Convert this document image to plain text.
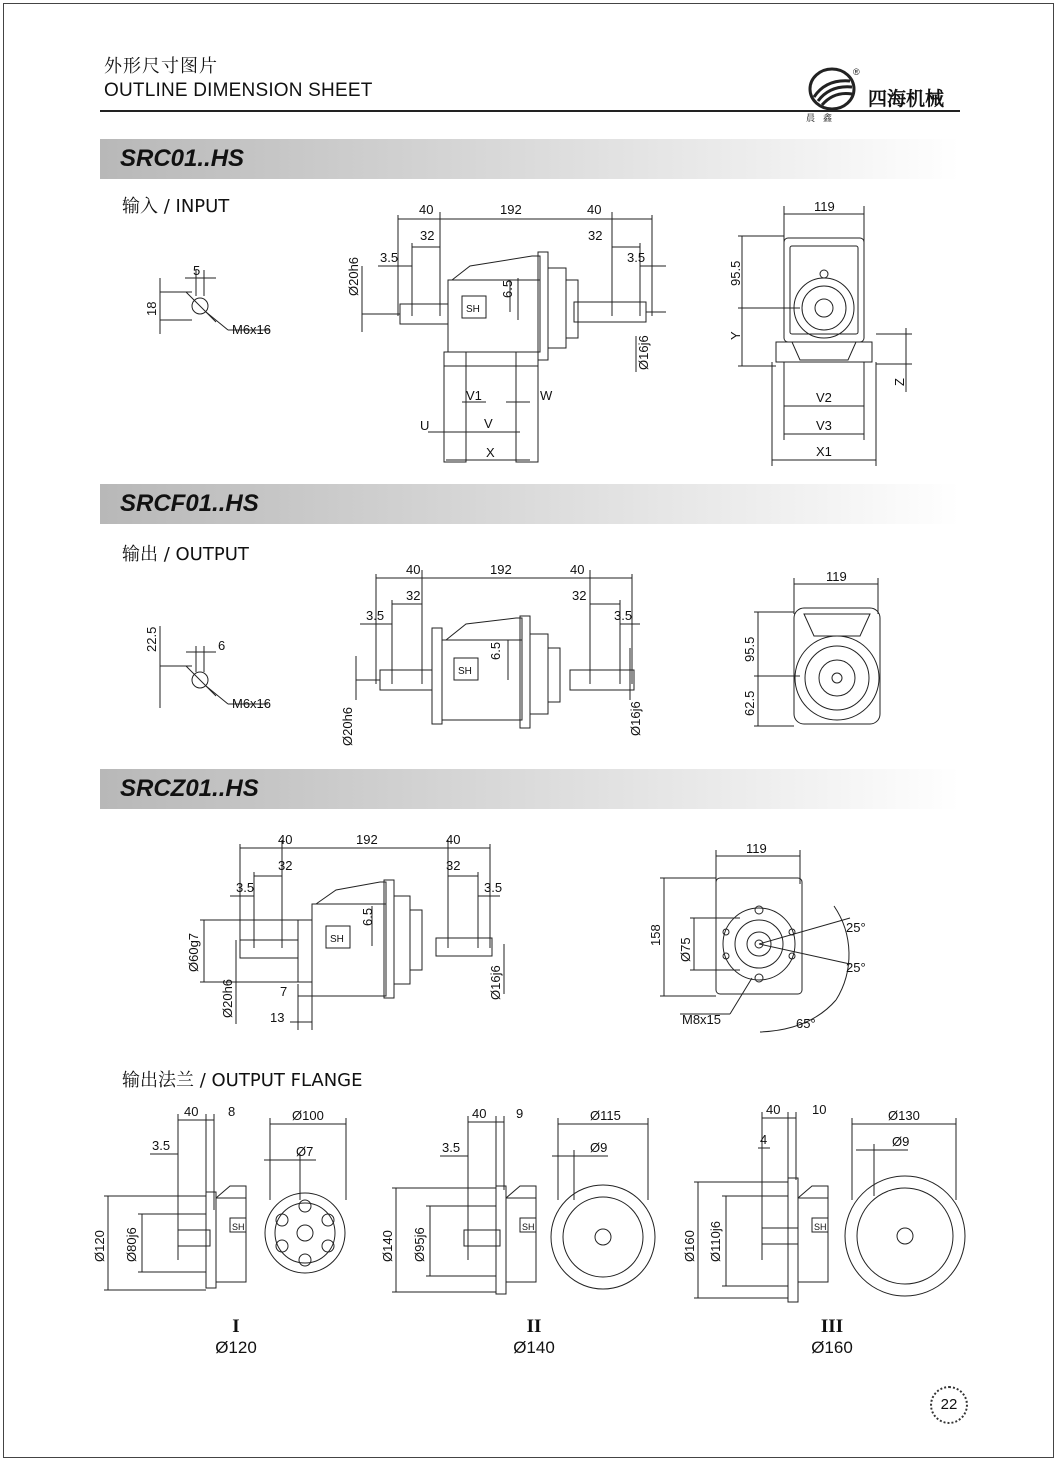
外形尺寸图片
OUTLINE DIMENSION SHEET
®
晨鑫
四海机械
SRC01..HS
SRCF01..HS
SRCZ01..HS
输入 / INPUT
输出 / OUTPUT
输出法兰 / OUTPUT FLANGE
5
18
M6x16
40	192	40
32	32
3.5	3.5
6.5
Ø20h6
Ø16j6
V1	W
U	V
X
119
95.5
Y
Z
V2
V3
X1
6
22.5
M6x16
40	192	40
32	32
3.5	3.5
6.5
Ø20h6	Ø16j6
119
95.5
62.5
40	192	40
32	32
3.5	3.5
6.5
Ø60g7
Ø20h6	Ø16j6
7
13
119
158
Ø75
M8x15
25°
25°
65°
40 8
3.5
Ø100
Ø7
Ø120 Ø80j6
40 9
3.5
Ø115
Ø9
Ø140 Ø95j6
40 10
4
Ø130
Ø9
Ø160 Ø110j6
SH
SH
SH
SH	SH	SH
I
Ø120
II
Ø140
III
Ø160
22
